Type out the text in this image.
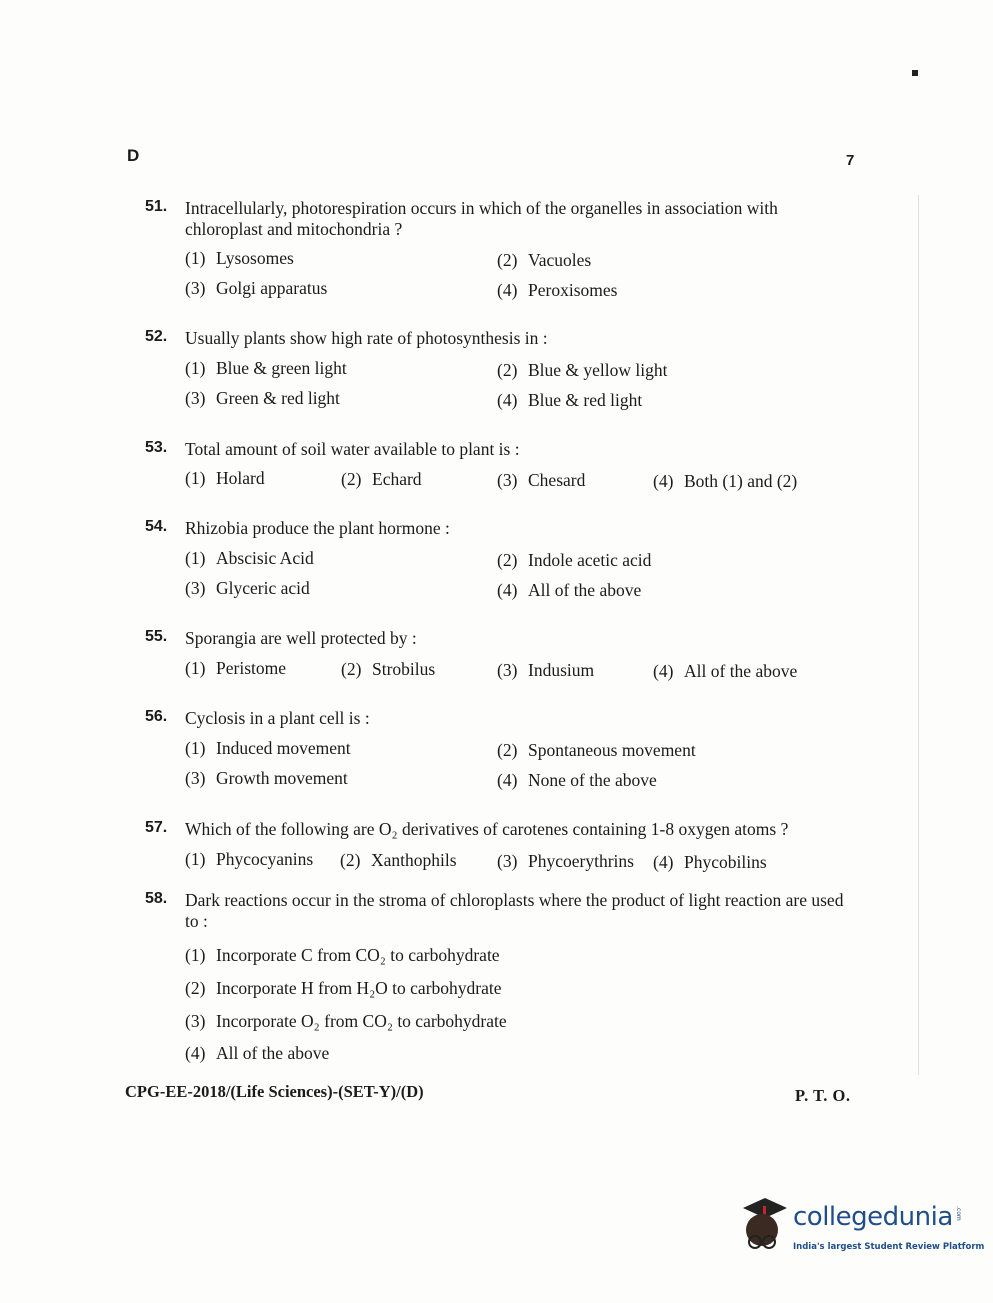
D	7
51. Intracellularly, photorespiration occurs in which of the organelles in association with chloroplast and mitochondria ?
(1) Lysosomes	(2) Vacuoles
(3) Golgi apparatus	(4) Peroxisomes
52. Usually plants show high rate of photosynthesis in :
(1) Blue & green light	(2) Blue & yellow light
(3) Green & red light	(4) Blue & red light
53. Total amount of soil water available to plant is :
(1) Holard	(2) Echard	(3) Chesard	(4) Both (1) and (2)
54. Rhizobia produce the plant hormone :
(1) Abscisic Acid	(2) Indole acetic acid
(3) Glyceric acid	(4) All of the above
55. Sporangia are well protected by :
(1) Peristome	(2) Strobilus	(3) Indusium	(4) All of the above
56. Cyclosis in a plant cell is :
(1) Induced movement	(2) Spontaneous movement
(3) Growth movement	(4) None of the above
57. Which of the following are O₂ derivatives of carotenes containing 1-8 oxygen atoms ?
(1) Phycocyanins (2) Xanthophils (3) Phycoerythrins (4) Phycobilins
58. Dark reactions occur in the stroma of chloroplasts where the product of light reaction are used to :
(1) Incorporate C from CO₂ to carbohydrate
(2) Incorporate H from H₂O to carbohydrate
(3) Incorporate O₂ from CO₂ to carbohydrate
(4) All of the above
CPG-EE-2018/(Life Sciences)-(SET-Y)/(D)	P. T. O.
collegedunia .com
India's largest Student Review Platform
